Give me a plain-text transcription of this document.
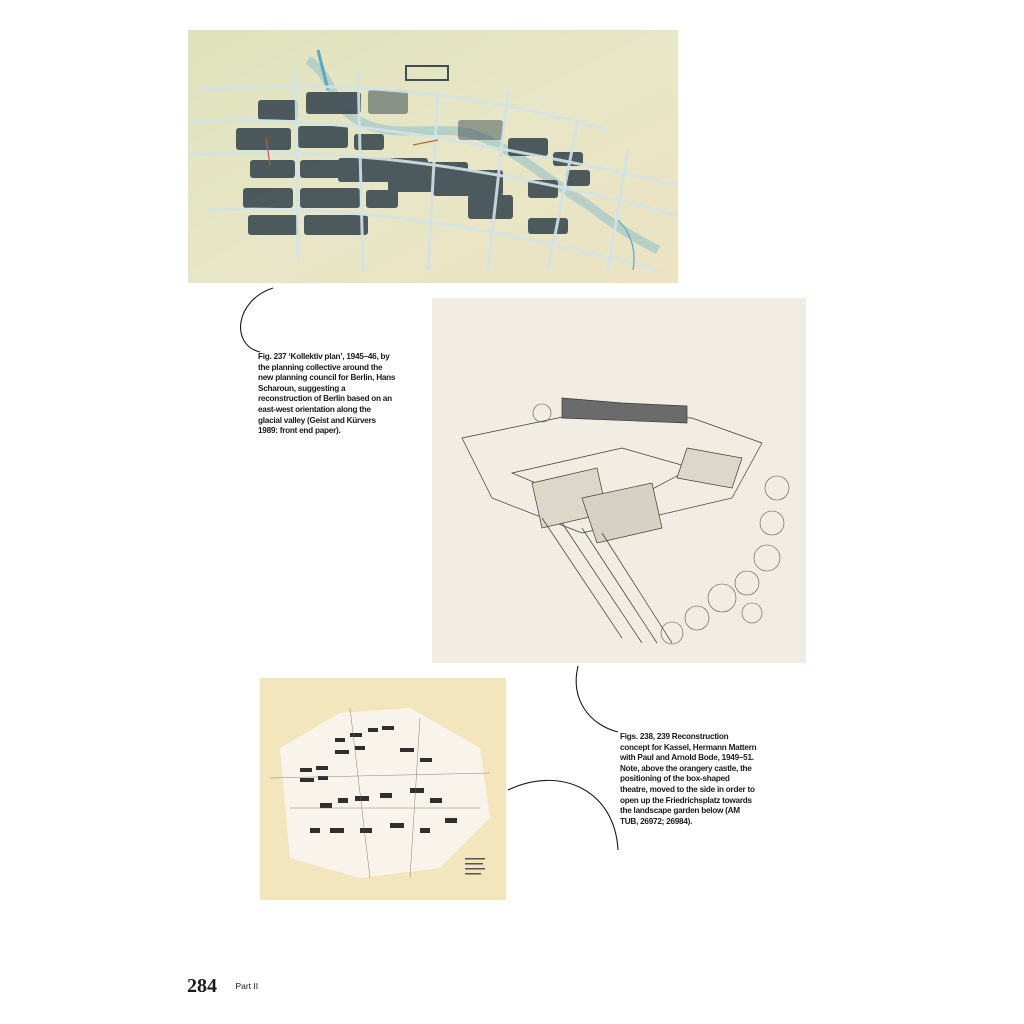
Fig. 237 ‘Kollektiv plan’, 1945–46, by the planning collective around the new planning council for Berlin, Hans Scharoun, suggesting a reconstruction of Berlin based on an east-west orientation along the glacial valley (Geist and Kürvers 1989: front end paper).
Figs. 238, 239 Reconstruction concept for Kassel, Hermann Mattern with Paul and Arnold Bode, 1949–51. Note, above the orangery castle, the positioning of the box-shaped theatre, moved to the side in order to open up the Friedrichsplatz towards the landscape garden below (AM TUB, 26972; 26984).
284 Part II
